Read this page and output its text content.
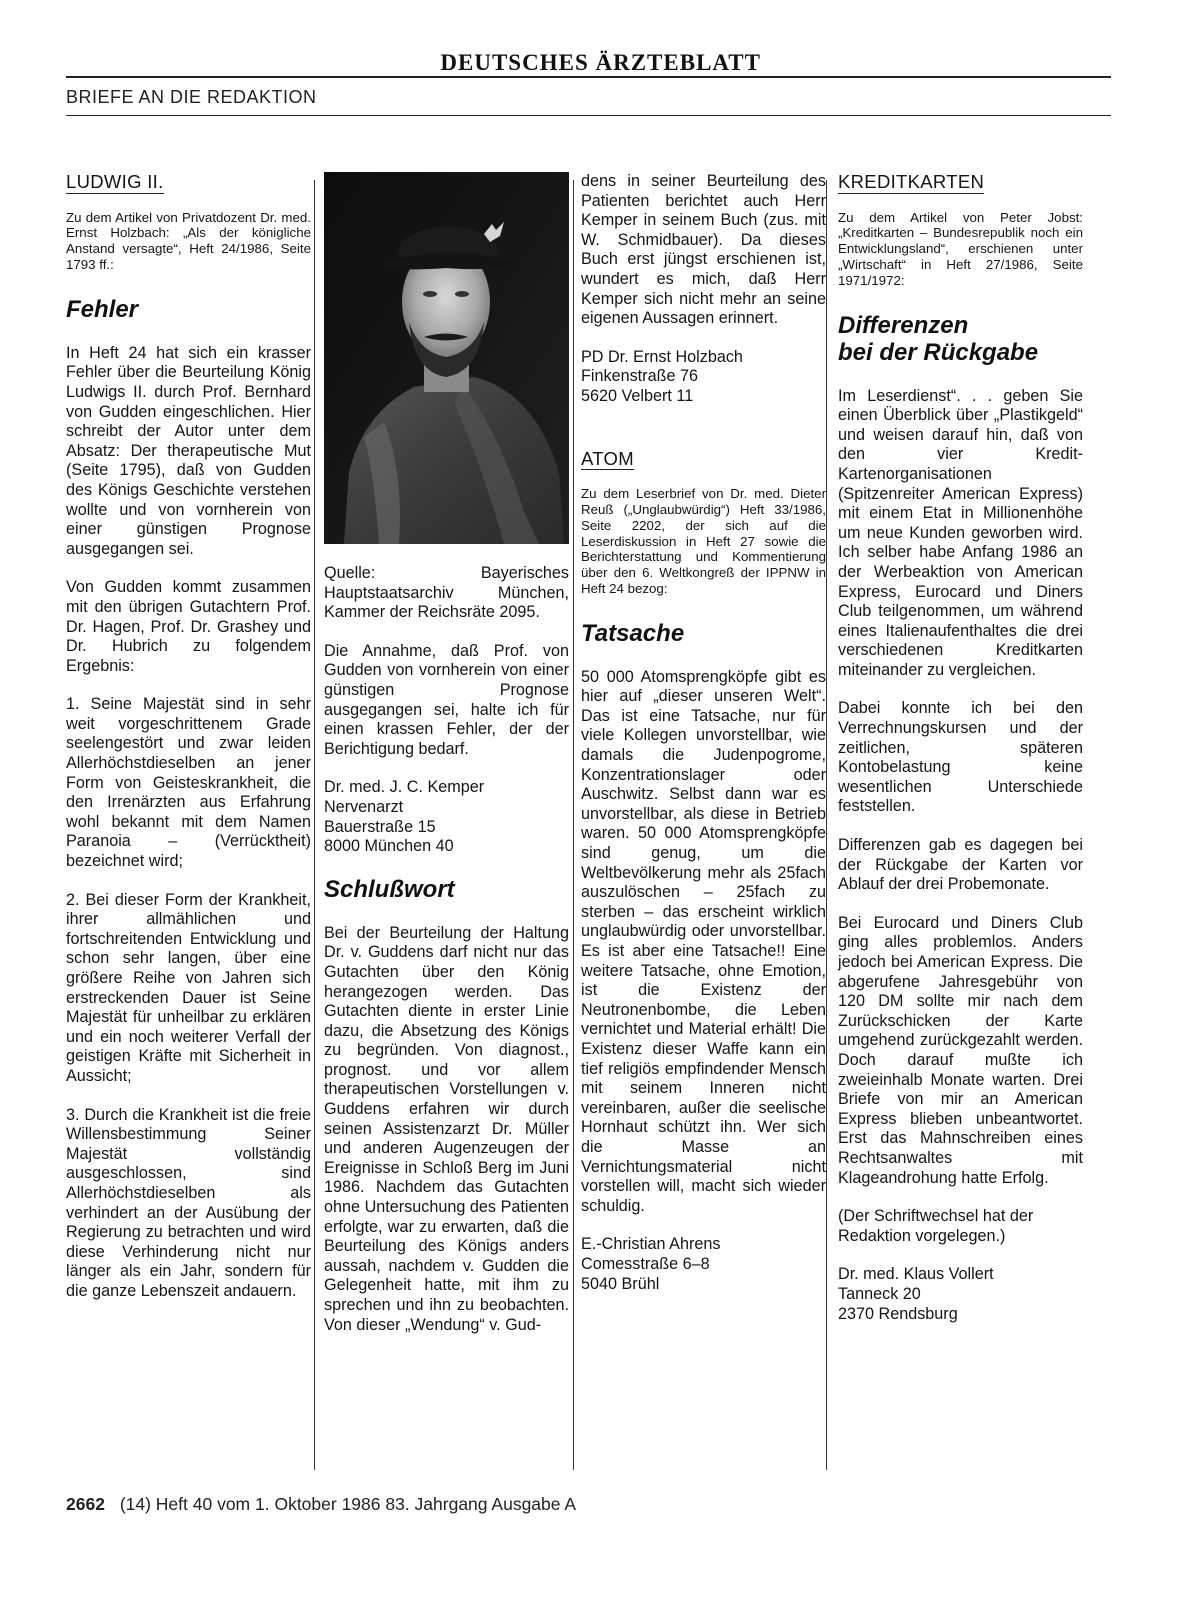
DEUTSCHES ÄRZTEBLATT
BRIEFE AN DIE REDAKTION
LUDWIG II.

Zu dem Artikel von Privatdozent Dr. med. Ernst Holzbach: „Als der königliche Anstand versagte“, Heft 24/1986, Seite 1793 ff.:

Fehler

In Heft 24 hat sich ein krasser Fehler über die Beurteilung König Ludwigs II. durch Prof. Bernhard von Gudden eingeschlichen. Hier schreibt der Autor unter dem Absatz: Der therapeutische Mut (Seite 1795), daß von Gudden des Königs Geschichte verstehen wollte und von vornherein von einer günstigen Prognose ausgegangen sei.

Von Gudden kommt zusammen mit den übrigen Gutachtern Prof. Dr. Hagen, Prof. Dr. Grashey und Dr. Hubrich zu folgendem Ergebnis:

1. Seine Majestät sind in sehr weit vorgeschrittenem Grade seelengestört und zwar leiden Allerhöchstdieselben an jener Form von Geisteskrankheit, die den Irrenärzten aus Erfahrung wohl bekannt mit dem Namen Paranoia – (Verrücktheit) bezeichnet wird;

2. Bei dieser Form der Krankheit, ihrer allmählichen und fortschreitenden Entwicklung und schon sehr langen, über eine größere Reihe von Jahren sich erstreckenden Dauer ist Seine Majestät für unheilbar zu erklären und ein noch weiterer Verfall der geistigen Kräfte mit Sicherheit in Aussicht;

3. Durch die Krankheit ist die freie Willensbestimmung Seiner Majestät vollständig ausgeschlossen, sind Allerhöchstdieselben als verhindert an der Ausübung der Regierung zu betrachten und wird diese Verhinderung nicht nur länger als ein Jahr, sondern für die ganze Lebenszeit andauern.

Quelle: Bayerisches Hauptstaatsarchiv München, Kammer der Reichsräte 2095.

Die Annahme, daß Prof. von Gudden von vornherein von einer günstigen Prognose ausgegangen sei, halte ich für einen krassen Fehler, der der Berichtigung bedarf.

Dr. med. J. C. Kemper
Nervenarzt
Bauerstraße 15
8000 München 40

Schlußwort

Bei der Beurteilung der Haltung Dr. v. Guddens darf nicht nur das Gutachten über den König herangezogen werden. Das Gutachten diente in erster Linie dazu, die Absetzung des Königs zu begründen. Von diagnost., prognost. und vor allem therapeutischen Vorstellungen v. Guddens erfahren wir durch seinen Assistenzarzt Dr. Müller und anderen Augenzeugen der Ereignisse in Schloß Berg im Juni 1986. Nachdem das Gutachten ohne Untersuchung des Patienten erfolgte, war zu erwarten, daß die Beurteilung des Königs anders aussah, nachdem v. Gudden die Gelegenheit hatte, mit ihm zu sprechen und ihn zu beobachten. Von dieser „Wendung“ v. Gud-

dens in seiner Beurteilung des Patienten berichtet auch Herr Kemper in seinem Buch (zus. mit W. Schmidbauer). Da dieses Buch erst jüngst erschienen ist, wundert es mich, daß Herr Kemper sich nicht mehr an seine eigenen Aussagen erinnert.

PD Dr. Ernst Holzbach
Finkenstraße 76
5620 Velbert 11

ATOM

Zu dem Leserbrief von Dr. med. Dieter Reuß („Unglaubwürdig“) Heft 33/1986, Seite 2202, der sich auf die Leserdiskussion in Heft 27 sowie die Berichterstattung und Kommentierung über den 6. Weltkongreß der IPPNW in Heft 24 bezog:

Tatsache

50 000 Atomsprengköpfe gibt es hier auf „dieser unseren Welt“. Das ist eine Tatsache, nur für viele Kollegen unvorstellbar, wie damals die Judenpogrome, Konzentrationslager oder Auschwitz. Selbst dann war es unvorstellbar, als diese in Betrieb waren. 50 000 Atomsprengköpfe sind genug, um die Weltbevölkerung mehr als 25fach auszulöschen – 25fach zu sterben – das erscheint wirklich unglaubwürdig oder unvorstellbar. Es ist aber eine Tatsache!! Eine weitere Tatsache, ohne Emotion, ist die Existenz der Neutronenbombe, die Leben vernichtet und Material erhält! Die Existenz dieser Waffe kann ein tief religiös empfindender Mensch mit seinem Inneren nicht vereinbaren, außer die seelische Hornhaut schützt ihn. Wer sich die Masse an Vernichtungsmaterial nicht vorstellen will, macht sich wieder schuldig.

E.-Christian Ahrens
Comesstraße 6–8
5040 Brühl

KREDITKARTEN

Zu dem Artikel von Peter Jobst: „Kreditkarten – Bundesrepublik noch ein Entwicklungsland“, erschienen unter „Wirtschaft“ in Heft 27/1986, Seite 1971/1972:

Differenzen
bei der Rückgabe

Im Leserdienst“. . . geben Sie einen Überblick über „Plastikgeld“ und weisen darauf hin, daß von den vier Kredit-Kartenorganisationen (Spitzenreiter American Express) mit einem Etat in Millionenhöhe um neue Kunden geworben wird. Ich selber habe Anfang 1986 an der Werbeaktion von American Express, Eurocard und Diners Club teilgenommen, um während eines Italienaufenthaltes die drei verschiedenen Kreditkarten miteinander zu vergleichen.

Dabei konnte ich bei den Verrechnungskursen und der zeitlichen, späteren Kontobelastung keine wesentlichen Unterschiede feststellen.

Differenzen gab es dagegen bei der Rückgabe der Karten vor Ablauf der drei Probemonate.

Bei Eurocard und Diners Club ging alles problemlos. Anders jedoch bei American Express. Die abgerufene Jahresgebühr von 120 DM sollte mir nach dem Zurückschicken der Karte umgehend zurückgezahlt werden. Doch darauf mußte ich zweieinhalb Monate warten. Drei Briefe von mir an American Express blieben unbeantwortet. Erst das Mahnschreiben eines Rechtsanwaltes mit Klageandrohung hatte Erfolg.

(Der Schriftwechsel hat der Redaktion vorgelegen.)

Dr. med. Klaus Vollert
Tanneck 20
2370 Rendsburg

2662 (14) Heft 40 vom 1. Oktober 1986 83. Jahrgang Ausgabe A
